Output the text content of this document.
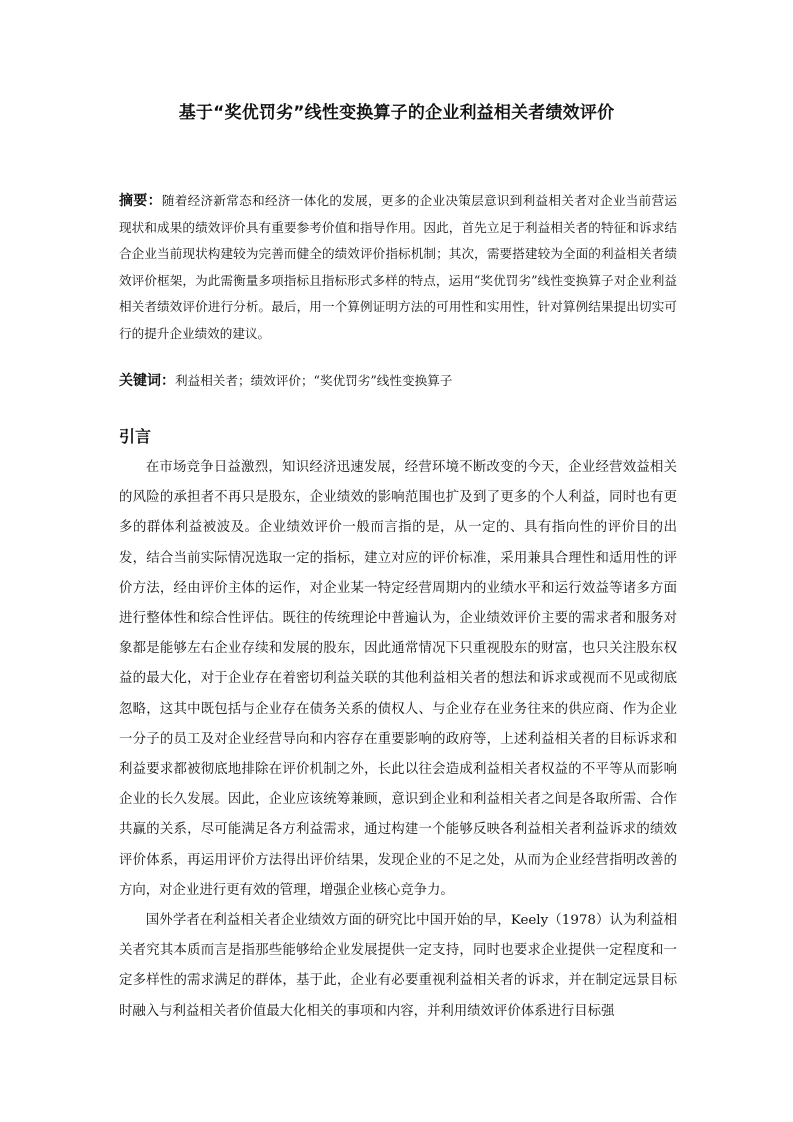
基于“奖优罚劣”线性变换算子的企业利益相关者绩效评价

摘要：随着经济新常态和经济一体化的发展，更多的企业决策层意识到利益相关者对企业当前营运现状和成果的绩效评价具有重要参考价值和指导作用。因此，首先立足于利益相关者的特征和诉求结合企业当前现状构建较为完善而健全的绩效评价指标机制；其次，需要搭建较为全面的利益相关者绩效评价框架，为此需衡量多项指标且指标形式多样的特点，运用“奖优罚劣”线性变换算子对企业利益相关者绩效评价进行分析。最后，用一个算例证明方法的可用性和实用性，针对算例结果提出切实可行的提升企业绩效的建议。

关键词：利益相关者；绩效评价；“奖优罚劣”线性变换算子

引言

在市场竞争日益激烈，知识经济迅速发展，经营环境不断改变的今天，企业经营效益相关的风险的承担者不再只是股东，企业绩效的影响范围也扩及到了更多的个人利益，同时也有更多的群体利益被波及。企业绩效评价一般而言指的是，从一定的、具有指向性的评价目的出发，结合当前实际情况选取一定的指标，建立对应的评价标准，采用兼具合理性和适用性的评价方法，经由评价主体的运作，对企业某一特定经营周期内的业绩水平和运行效益等诸多方面进行整体性和综合性评估。既往的传统理论中普遍认为，企业绩效评价主要的需求者和服务对象都是能够左右企业存续和发展的股东，因此通常情况下只重视股东的财富，也只关注股东权益的最大化，对于企业存在着密切利益关联的其他利益相关者的想法和诉求或视而不见或彻底忽略，这其中既包括与企业存在债务关系的债权人、与企业存在业务往来的供应商、作为企业一分子的员工及对企业经营导向和内容存在重要影响的政府等，上述利益相关者的目标诉求和利益要求都被彻底地排除在评价机制之外，长此以往会造成利益相关者权益的不平等从而影响企业的长久发展。因此，企业应该统筹兼顾，意识到企业和利益相关者之间是各取所需、合作共赢的关系，尽可能满足各方利益需求，通过构建一个能够反映各利益相关者利益诉求的绩效评价体系，再运用评价方法得出评价结果，发现企业的不足之处，从而为企业经营指明改善的方向，对企业进行更有效的管理，增强企业核心竞争力。

国外学者在利益相关者企业绩效方面的研究比中国开始的早，Keely（1978）认为利益相关者究其本质而言是指那些能够给企业发展提供一定支持，同时也要求企业提供一定程度和一定多样性的需求满足的群体，基于此，企业有必要重视利益相关者的诉求，并在制定远景目标时融入与利益相关者价值最大化相关的事项和内容，并利用绩效评价体系进行目标强
